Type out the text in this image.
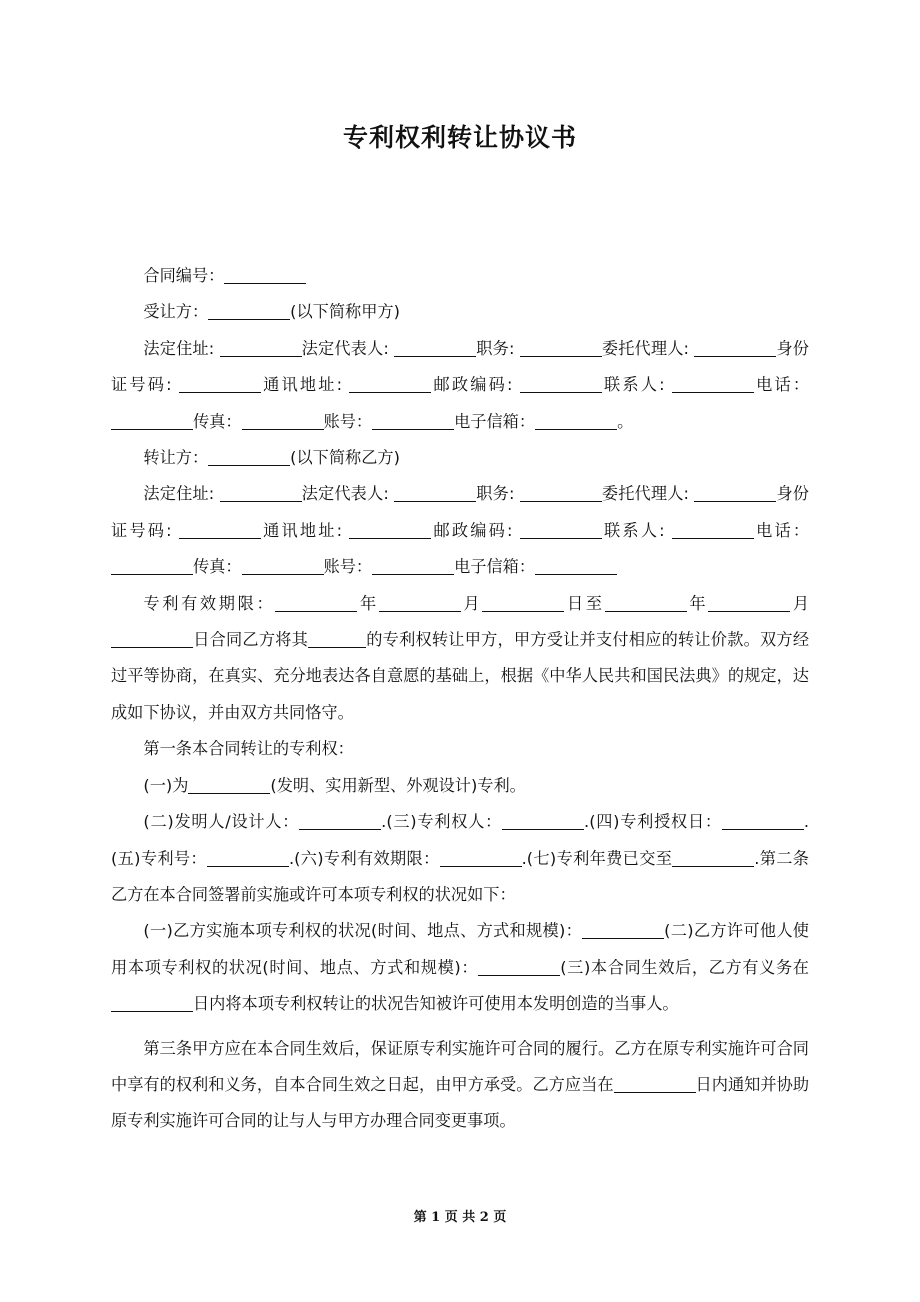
专利权利转让协议书

合同编号：

受让方：	(以下简称甲方)

法定住址:	法定代表人:	职务:	委托代理人:	身份证号码:	通讯地址:	邮政编码:	联系人:	电话：传真：	账号：	电子信箱：	。

转让方：	(以下简称乙方)

法定住址:	法定代表人:	职务:	委托代理人:	身份证号码:	通讯地址:	邮政编码:	联系人:	电话：传真：	账号：	电子信箱：

专利有效期限：	年	月	日至	年	月日合同乙方将其	的专利权转让甲方，甲方受让并支付相应的转让价款。双方经过平等协商，在真实、充分地表达各自意愿的基础上，根据《中华人民共和国民法典》的规定，达成如下协议，并由双方共同恪守。

第一条本合同转让的专利权：

(一)为	(发明、实用新型、外观设计)专利。

(二)发明人/设计人：	.(三)专利权人：	.(四)专利授权日：	.(五)专利号：	.(六)专利有效期限：	.(七)专利年费已交至	.第二条乙方在本合同签署前实施或许可本项专利权的状况如下：

(一)乙方实施本项专利权的状况(时间、地点、方式和规模)：	(二)乙方许可他人使用本项专利权的状况(时间、地点、方式和规模)：	(三)本合同生效后，乙方有义务在日内将本项专利权转让的状况告知被许可使用本发明创造的当事人。

第三条甲方应在本合同生效后，保证原专利实施许可合同的履行。乙方在原专利实施许可合同中享有的权利和义务，自本合同生效之日起，由甲方承受。乙方应当在	日内通知并协助原专利实施许可合同的让与人与甲方办理合同变更事项。

第 1 页 共 2 页
